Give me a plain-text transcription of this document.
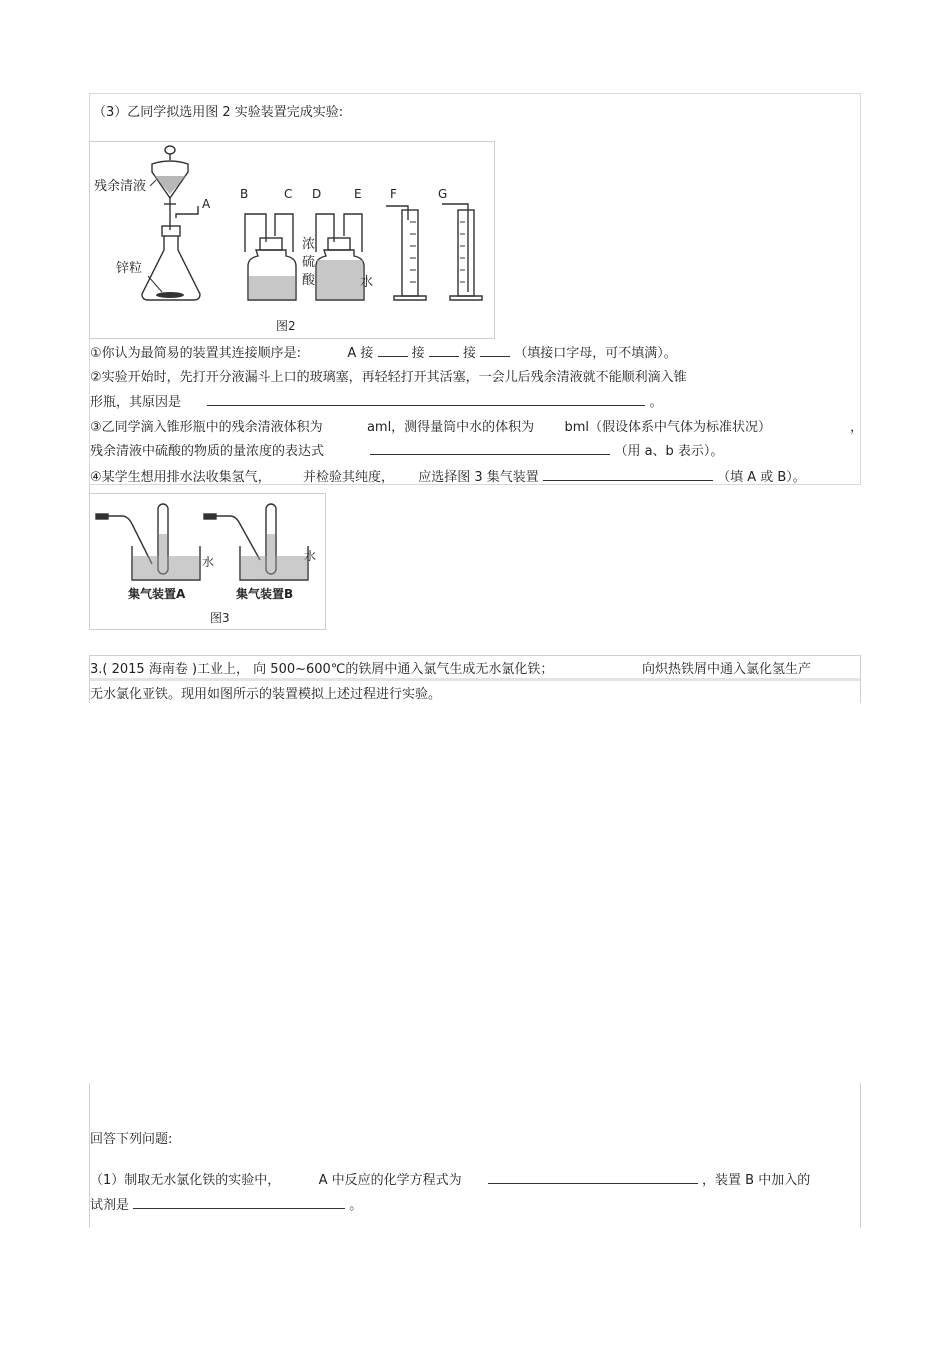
（3）乙同学拟选用图 2 实验装置完成实验:
残余清液
A
锌粒
B	C
浓
硫
酸
D	E
水
F	G
图2
①你认为最简易的装置其连接顺序是:	A 接	接	接	（填接口字母，可不填满）。
②实验开始时，先打开分液漏斗上口的玻璃塞，再轻轻打开其活塞，一会儿后残余清液就不能顺利滴入锥
形瓶，其原因是	。
③乙同学滴入锥形瓶中的残余清液体积为	aml，测得量筒中水的体积为 bml（假设体系中气体为标准状况）	，
残余清液中硫酸的物质的量浓度的表达式	（用 a、b 表示）。
④某学生想用排水法收集氢气， 并检验其纯度， 应选择图 3 集气装置	（填 A 或 B）。
水
集气装置A
水
集气装置B
图3
3.( 2015 海南卷 )工业上， 向 500~600℃的铁屑中通入氯气生成无水氯化铁；	向炽热铁屑中通入氯化氢生产
无水氯化亚铁。现用如图所示的装置模拟上述过程进行实验。
回答下列问题:
（1）制取无水氯化铁的实验中，	A 中反应的化学方程式为	，装置 B 中加入的
试剂是	。
